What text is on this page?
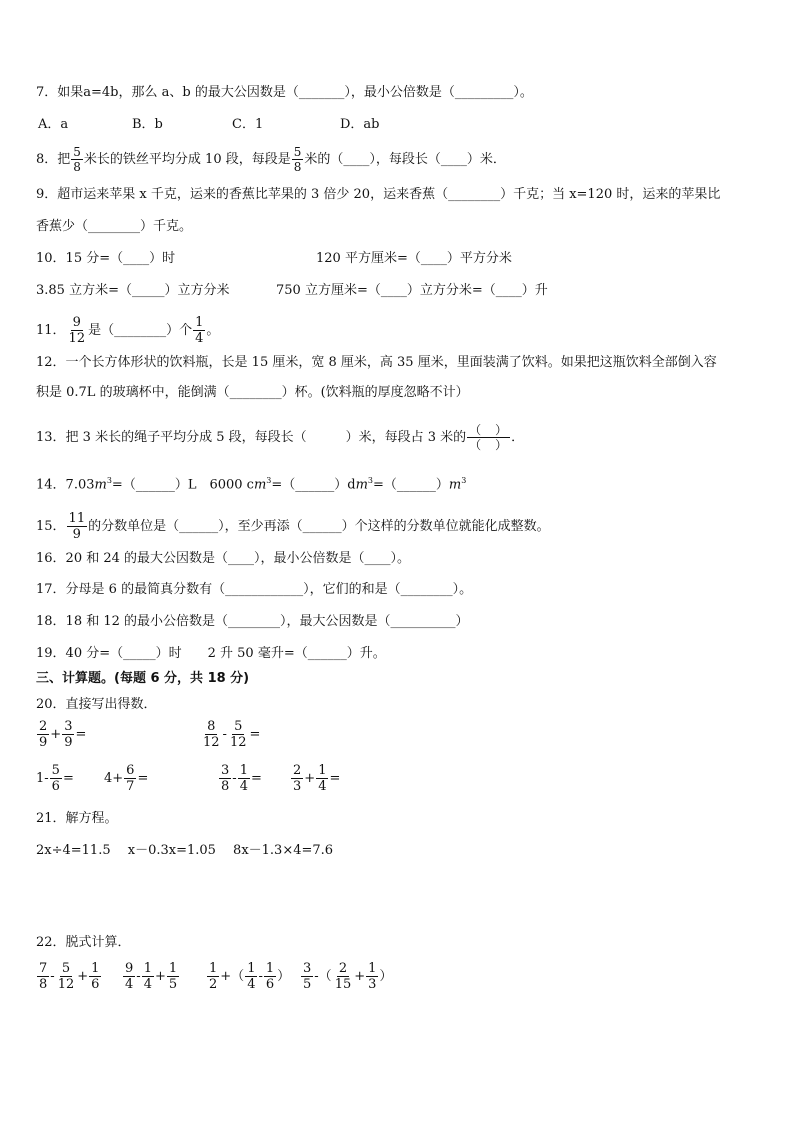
7．如果a=4b，那么 a、b 的最大公因数是（_______），最小公倍数是（_________）。
A．a	B．b	C．1	D．ab
8．把 $\frac{5}{8}$ 米长的铁丝平均分成 10 段，每段是 $\frac{5}{8}$ 米的（____），每段长（____）米．
9．超市运来苹果 x 千克，运来的香蕉比苹果的 3 倍少 20，运来香蕉（________）千克；当 x=120 时，运来的苹果比
香蕉少（________）千克。
10．15 分=（____）时	120 平方厘米=（____）平方分米
3.85 立方米=（_____）立方分米	750 立方厘米=（____）立方分米=（____）升
11． $\frac{9}{12}$ 是（________）个 $\frac{1}{4}$ 。
12．一个长方体形状的饮料瓶，长是 15 厘米，宽 8 厘米，高 35 厘米，里面装满了饮料。如果把这瓶饮料全部倒入容
积是 0.7L 的玻璃杯中，能倒满（________）杯。(饮料瓶的厚度忽略不计）
13．把 3 米长的绳子平均分成 5 段，每段长（　　　）米，每段占 3 米的 （　）
（　） ．
14．$7.03m^3=(\_\_\_\_\_\_)L$　6000 $cm^3=(\_\_\_\_\_\_)dm^3=(\_\_\_\_\_\_)m^3$
15． $\frac{11}{9}$ 的分数单位是（______），至少再添（______）个这样的分数单位就能化成整数。
16．20 和 24 的最大公因数是（____），最小公倍数是（____）。
17．分母是 6 的最简真分数有（____________），它们的和是（________）。
18．18 和 12 的最小公倍数是（________），最大公因数是（__________）
19．40 分=（_____）时　　2 升 50 毫升=（______）升。
三、计算题。(每题 6 分，共 18 分)
20．直接写出得数．
$\frac{2}{9} + \frac{3}{9}$ =	$\frac{8}{12} - \frac{5}{12}$ =
$1- \frac{5}{6} = 4+ \frac{6}{7}$ =	$\frac{3}{8} - \frac{1}{4} = \frac{2}{3} + \frac{1}{4}$ =
21．解方程。
2x÷4=11.5　 x－0.3x=1.05　 8x－1.3×4=7.6
22．脱式计算．
$\frac{7}{8} - \frac{5}{12} + \frac{1}{6} \frac{9}{4} - \frac{1}{4} + \frac{1}{5} \frac{1}{2}$ +（ $\frac{1}{4} - \frac{1}{6}$ ） $\frac{3}{5}$ -（ $\frac{2}{15} + \frac{1}{3}$ ）
